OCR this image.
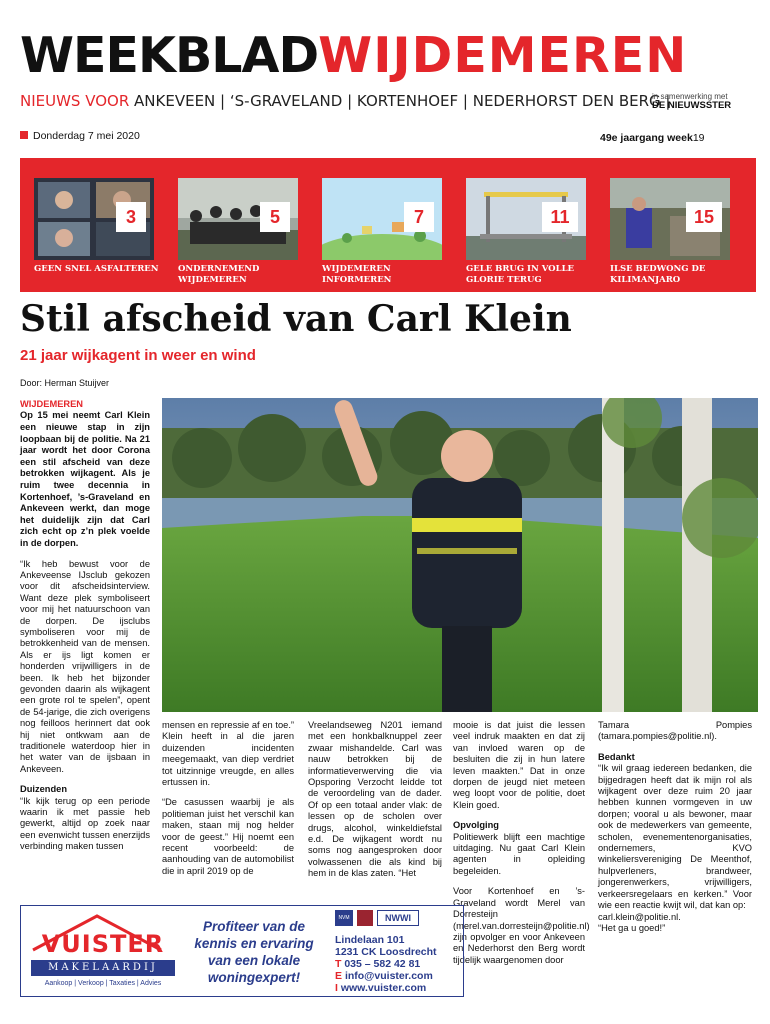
WEEKBLADWIJDEMEREN
NIEUWS VOOR ANKEVEEN | ‘S-GRAVELAND | KORTENHOEF | NEDERHORST DEN BERG |
in samenwerking met
DE NIEUWSSTER
Donderdag 7 mei 2020	49e jaargang week19
3
GEEN SNEL ASFALTEREN
5
ONDERNEMEND WIJDEMEREN
7
WIJDEMEREN INFORMEREN
11
GELE BRUG IN VOLLE GLORIE TERUG
15
ILSE BEDWONG DE KILIMANJARO
Stil afscheid van Carl Klein
21 jaar wijkagent in weer en wind
Door: Herman Stuijver

WIJDEMEREN

Op 15 mei neemt Carl Klein een nieuwe stap in zijn loopbaan bij de politie. Na 21 jaar wordt het door Corona een stil afscheid van deze betrokken wijkagent. Als je ruim twee decennia in Kortenhoef, ’s-Graveland en Ankeveen werkt, dan moge het duidelijk zijn dat Carl zich echt op z’n plek voelde in de dorpen.

“Ik heb bewust voor de Ankeveense IJsclub gekozen voor dit afscheidsinterview. Want deze plek symboliseert voor mij het natuurschoon van de dorpen. De ijsclubs symboliseren voor mij de betrokkenheid van de mensen. Als er ijs ligt komen er honderden vrijwilligers in de been. Ik heb het bijzonder gevonden daarin als wijkagent een grote rol te spelen”, opent de 54-jarige, die zich overigens nog feilloos herinnert dat ook hij niet ontkwam aan de traditionele waterdoop hier in het water van de ijsbaan in Ankeveen.

Duizenden

“Ik kijk terug op een periode waarin ik met passie heb gewerkt, altijd op zoek naar een evenwicht tussen enerzijds verbinding maken tussen

mensen en repressie af en toe.” Klein heeft in al die jaren duizenden incidenten meegemaakt, van diep verdriet tot uitzinnige vreugde, en alles ertussen in.

“De casussen waarbij je als politieman juist het verschil kan maken, staan mij nog helder voor de geest.” Hij noemt een recent voorbeeld: de aanhouding van de automobilist die in april 2019 op de

Vreelandseweg N201 iemand met een honkbalknuppel zeer zwaar mishandelde. Carl was nauw betrokken bij de informatieverwerving die via Opsporing Verzocht leidde tot de veroordeling van de dader. Of op een totaal ander vlak: de lessen op de scholen over drugs, alcohol, winkeldiefstal e.d. De wijkagent wordt nu soms nog aangesproken door volwassenen die als kind bij hem in de klas zaten. “Het

mooie is dat juist die lessen veel indruk maakten en dat zij van invloed waren op de besluiten die zij in hun latere leven maakten.” Dat in onze dorpen de jeugd niet meteen weg loopt voor de politie, doet Klein goed.

Opvolging

Politiewerk blijft een machtige uitdaging. Nu gaat Carl Klein agenten in opleiding begeleiden.

Voor Kortenhoef en ’s-Graveland wordt Merel van Dorresteijn (merel.van.dorresteijn@politie.nl) zijn opvolger en voor Ankeveen en Nederhorst den Berg wordt tijdelijk waargenomen door

Tamara Pompies (tamara.pompies@politie.nl).

Bedankt

“Ik wil graag iedereen bedanken, die bijgedragen heeft dat ik mijn rol als wijkagent over deze ruim 20 jaar hebben kunnen vormgeven in uw dorpen; vooral u als bewoner, maar ook de medewerkers van gemeente, scholen, evenementenorganisaties, ondernemers, KVO winkeliersvereniging De Meenthof, hulpverleners, brandweer, jongerenwerkers, vrijwilligers, verkeersregelaars en kerken.” Voor wie een reactie kwijt wil, dat kan op:

carl.klein@politie.nl.

“Het ga u goed!”

VUISTER
MAKELAARDIJ
Aankoop | Verkoop | Taxaties | Advies
Profiteer van de
kennis en ervaring
van een lokale
woningexpert!
NVM	NWWI
Lindelaan 101
1231 CK Loosdrecht
T 035 – 582 42 81
E info@vuister.com
I www.vuister.com
